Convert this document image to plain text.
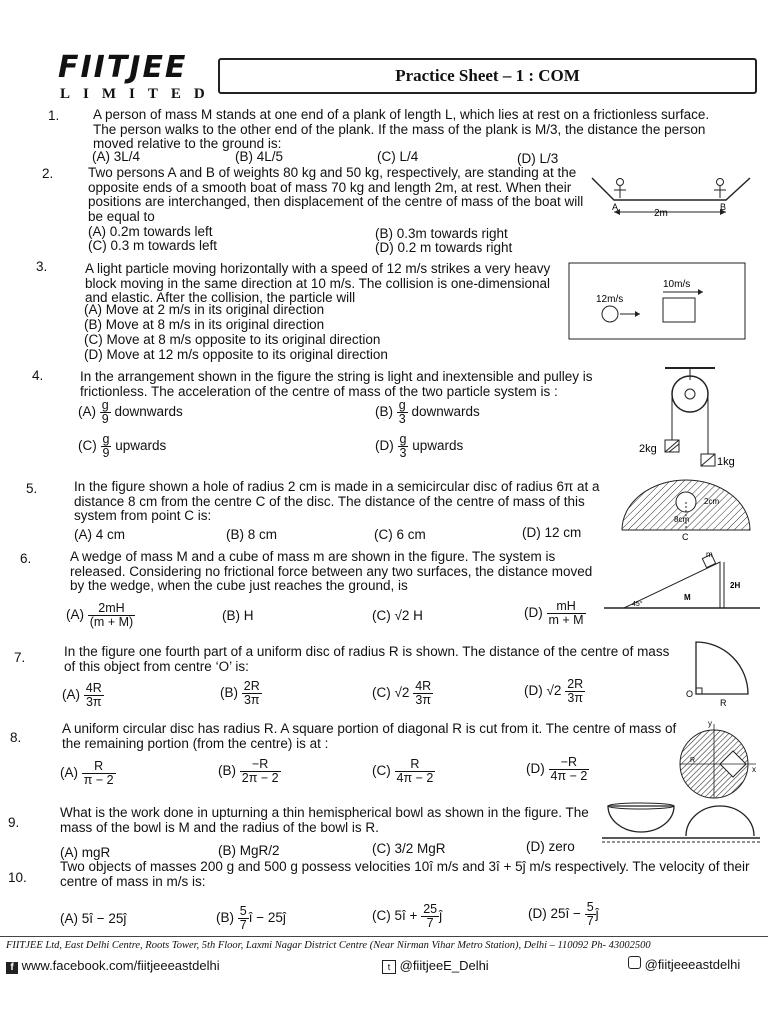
FIITJEE
LIMITED
Practice Sheet – 1 : COM
1. A person of mass M stands at one end of a plank of length L, which lies at rest on a frictionless surface. The person walks to the other end of the plank. If the mass of the plank is M/3, the distance the person moved relative to the ground is:
(A) 3L/4	(B) 4L/5	(C) L/4	(D) L/3
2.	Two persons A and B of weights 80 kg and 50 kg, respectively, are standing at the opposite ends of a smooth boat of mass 70 kg and length 2m, at rest. When their positions are interchanged, then displacement of the centre of mass of the boat will be equal to
(A) 0.2m towards left	(B) 0.3m towards right
(C) 0.3 m towards left	(D) 0.2 m towards right
A	B
2m
3.	A light particle moving horizontally with a speed of 12 m/s strikes a very heavy block moving in the same direction at 10 m/s. The collision is one-dimensional and elastic. After the collision, the particle will
(A) Move at 2 m/s in its original direction
(B) Move at 8 m/s in its original direction
(C) Move at 8 m/s opposite to its original direction
(D) Move at 12 m/s opposite to its original direction
12m/s
10m/s
4.	In the arrangement shown in the figure the string is light and inextensible and pulley is frictionless. The acceleration of the centre of mass of the two particle system is :
$(A) \frac{g}{9}$ downwards	$(B) \frac{g}{3}$ downwards
$(C) \frac{g}{9}$ upwards	$(D) \frac{g}{3}$ upwards	2kg
1kg
5.	In the figure shown a hole of radius 2 cm is made in a semicircular disc of radius 6π at a distance 8 cm from the centre C of the disc. The distance of the centre of mass of this system from point C is:
(A) 4 cm	(B) 8 cm	(C) 6 cm	(D) 12 cm
2cm
8cm
C
6.	A wedge of mass M and a cube of mass m are shown in the figure. The system is released. Considering no frictional force between any two surfaces, the distance moved by the wedge, when the cube just reaches the ground, is
$(A) \frac{2mH}{(m + M)}$	(B) H	(C) √2 H	$(D) \frac{mH}{m + M}$
m
M
2H
45°
7.	In the figure one fourth part of a uniform disc of radius R is shown. The distance of the centre of mass of this object from centre ‘O’ is:
$(A) \frac{4R}{3\pi}$	$(B) \frac{2R}{3\pi}$	(C) $√2 \frac{4R}{3\pi}$	(D) $√2 \frac{2R}{3\pi}$	O
R
8.
A uniform circular disc has radius R. A square portion of diagonal R is cut from it. The centre of mass of the remaining portion (from the centre) is at :
$(A) \frac{R}{\pi - 2}$	$(B) \frac{-R}{2\pi - 2}$	$(C) \frac{R}{4\pi - 2}$	$(D) \frac{-R}{4\pi - 2}$
y
x
R
9.
What is the work done in upturning a thin hemispherical bowl as shown in the figure. The mass of the bowl is M and the radius of the bowl is R.
(A) mgR	(B) MgR/2	(C) 3/2 MgR	(D) zero
10.
Two objects of masses 200 g and 500 g possess velocities 10î m/s and 3î + 5ĵ m/s respectively. The velocity of their centre of mass in m/s is:
(A) 5î − 25ĵ	$(B) \frac{5}{7}$ î − 25ĵ	(C) 5î + $\frac{25}{7}$ ĵ	(D) 25î − $\frac{5}{7}$ ĵ
FIITJEE Ltd, East Delhi Centre, Roots Tower, 5th Floor, Laxmi Nagar District Centre (Near Nirman Vihar Metro Station), Delhi – 110092 Ph- 43002500
f www.facebook.com/fiitjeeeastdelhi	t @fiitjeeE_Delhi	@fiitjeeeastdelhi
